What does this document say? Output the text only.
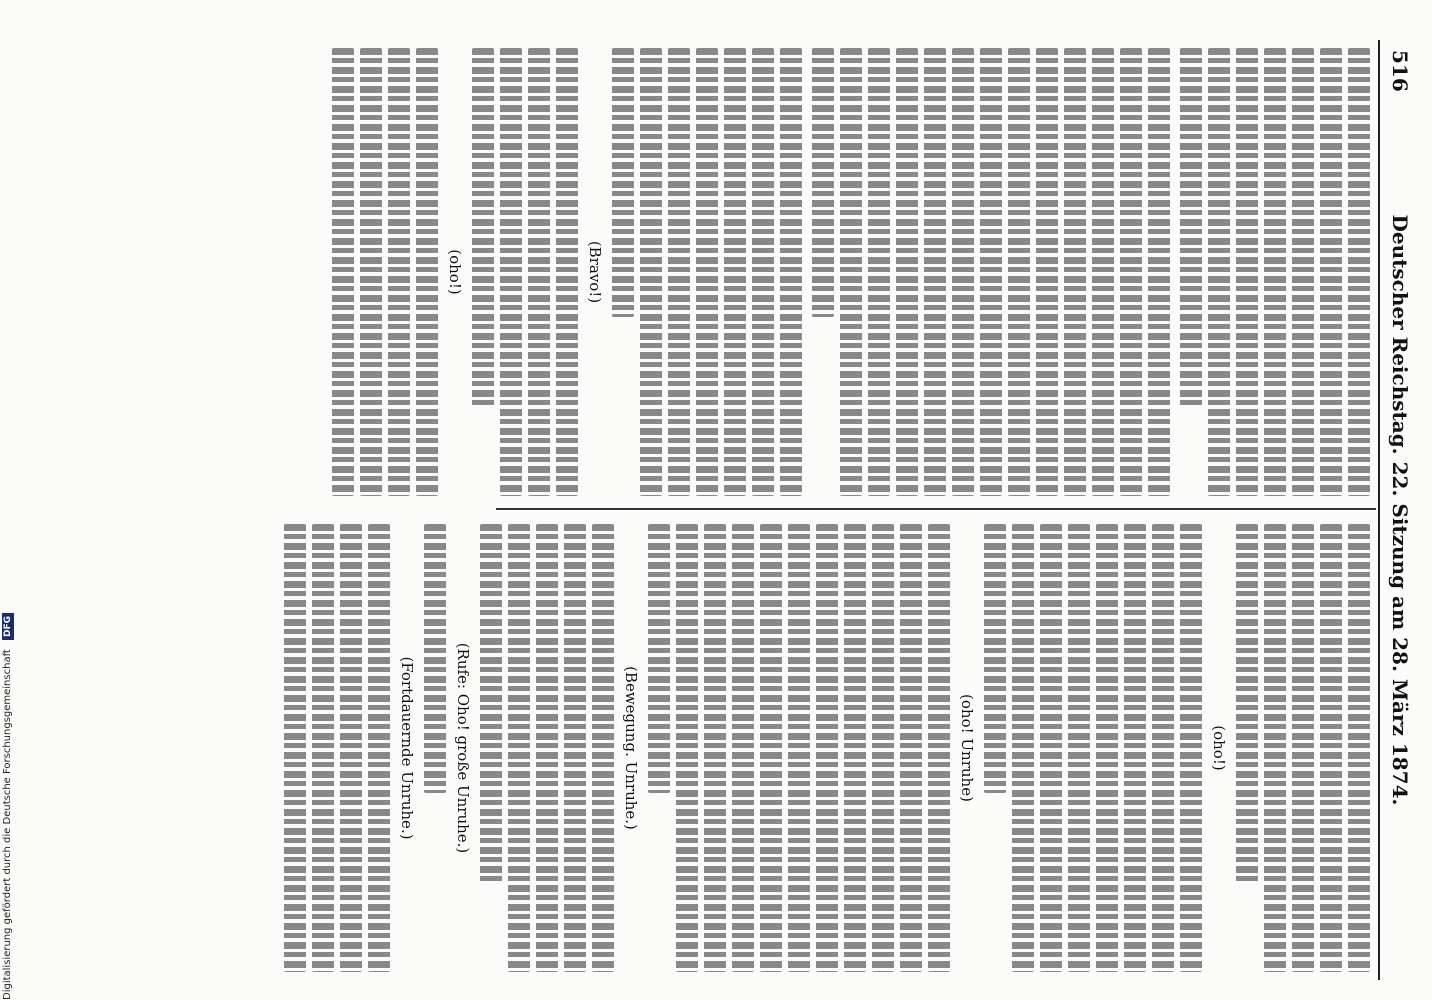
516
Deutscher Reichstag. 22. Sitzung am 28. März 1874.
(Bravo!)
(oho!)
(oho!)
(oho! Unruhe)
(Bewegung. Unruhe.)
(Rufe: Oho! große Unruhe.)
(Fortdauernde Unruhe.)
Digitalisierung gefördert durch die Deutsche Forschungsgemeinschaft DFG
